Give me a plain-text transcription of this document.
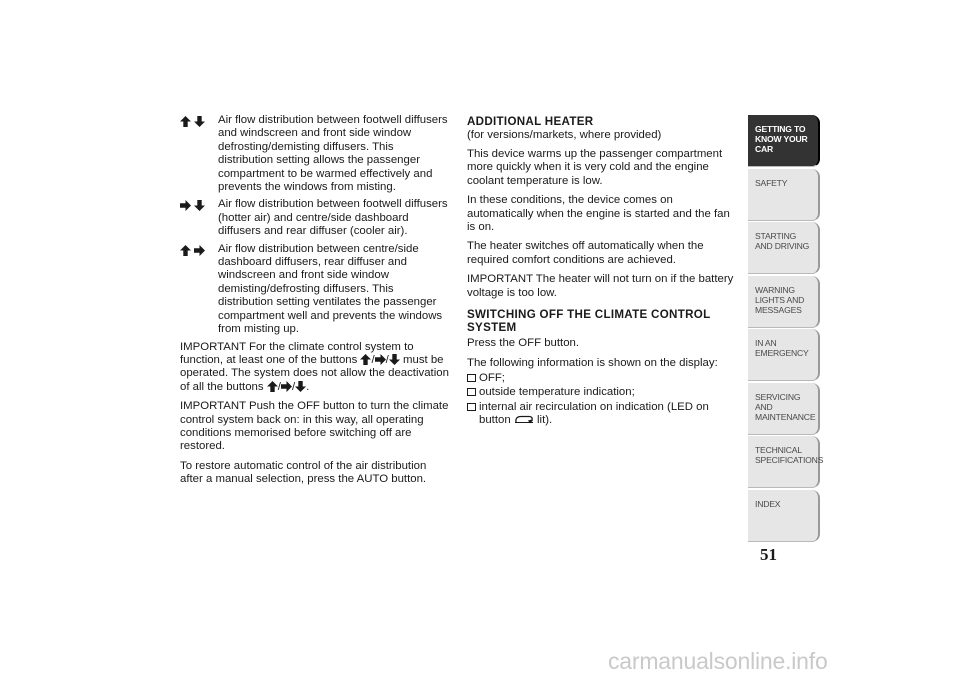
Air flow distribution between footwell diffusers and windscreen and front side window defrosting/demisting diffusers. This distribution setting allows the passenger compartment to be warmed effectively and prevents the windows from misting.
Air flow distribution between footwell diffusers (hotter air) and centre/side dashboard diffusers and rear diffuser (cooler air).
Air flow distribution between centre/side dashboard diffusers, rear diffuser and windscreen and front side window demisting/defrosting diffusers. This distribution setting ventilates the passenger compartment well and prevents the windows from misting up.

IMPORTANT For the climate control system to function, at least one of the buttons / / must be operated. The system does not allow the deactivation of all the buttons / / .

IMPORTANT Push the OFF button to turn the climate control system back on: in this way, all operating conditions memorised before switching off are restored.

To restore automatic control of the air distribution after a manual selection, press the AUTO button.

ADDITIONAL HEATER

(for versions/markets, where provided)

This device warms up the passenger compartment more quickly when it is very cold and the engine coolant temperature is low.

In these conditions, the device comes on automatically when the engine is started and the fan is on.

The heater switches off automatically when the required comfort conditions are achieved.

IMPORTANT The heater will not turn on if the battery voltage is too low.

SWITCHING OFF THE CLIMATE CONTROL SYSTEM

Press the OFF button.

The following information is shown on the display:

OFF;
outside temperature indication;
internal air recirculation on indication (LED on button lit).
GETTING TO KNOW YOUR CAR
SAFETY
STARTING AND DRIVING
WARNING LIGHTS AND MESSAGES
IN AN EMERGENCY
SERVICING AND MAINTENANCE
TECHNICAL SPECIFICATIONS
INDEX
51
carmanualsonline.info
